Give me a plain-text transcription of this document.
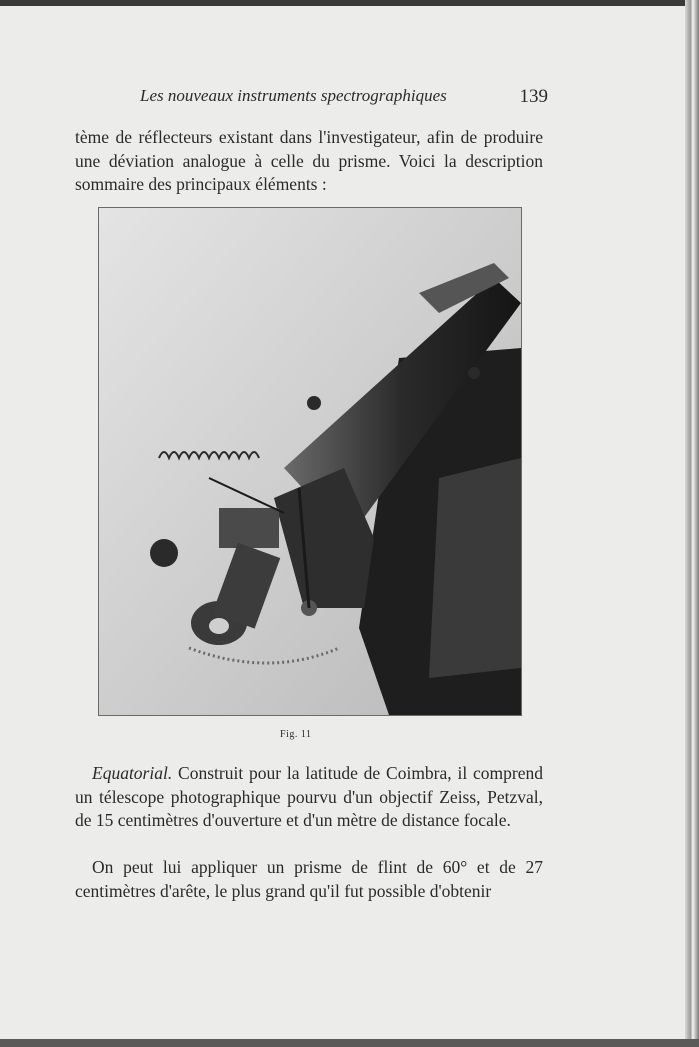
Les nouveaux instruments spectrographiques	139

tème de réflecteurs existant dans l'investigateur, afin de produire une déviation analogue à celle du prisme. Voici la description sommaire des principaux éléments :

Fig. 11

Equatorial. Construit pour la latitude de Coimbra, il comprend un télescope photographique pourvu d'un objectif Zeiss, Petzval, de 15 centimètres d'ouverture et d'un mètre de distance focale.

On peut lui appliquer un prisme de flint de 60° et de 27 centimètres d'arête, le plus grand qu'il fut possible d'obtenir
